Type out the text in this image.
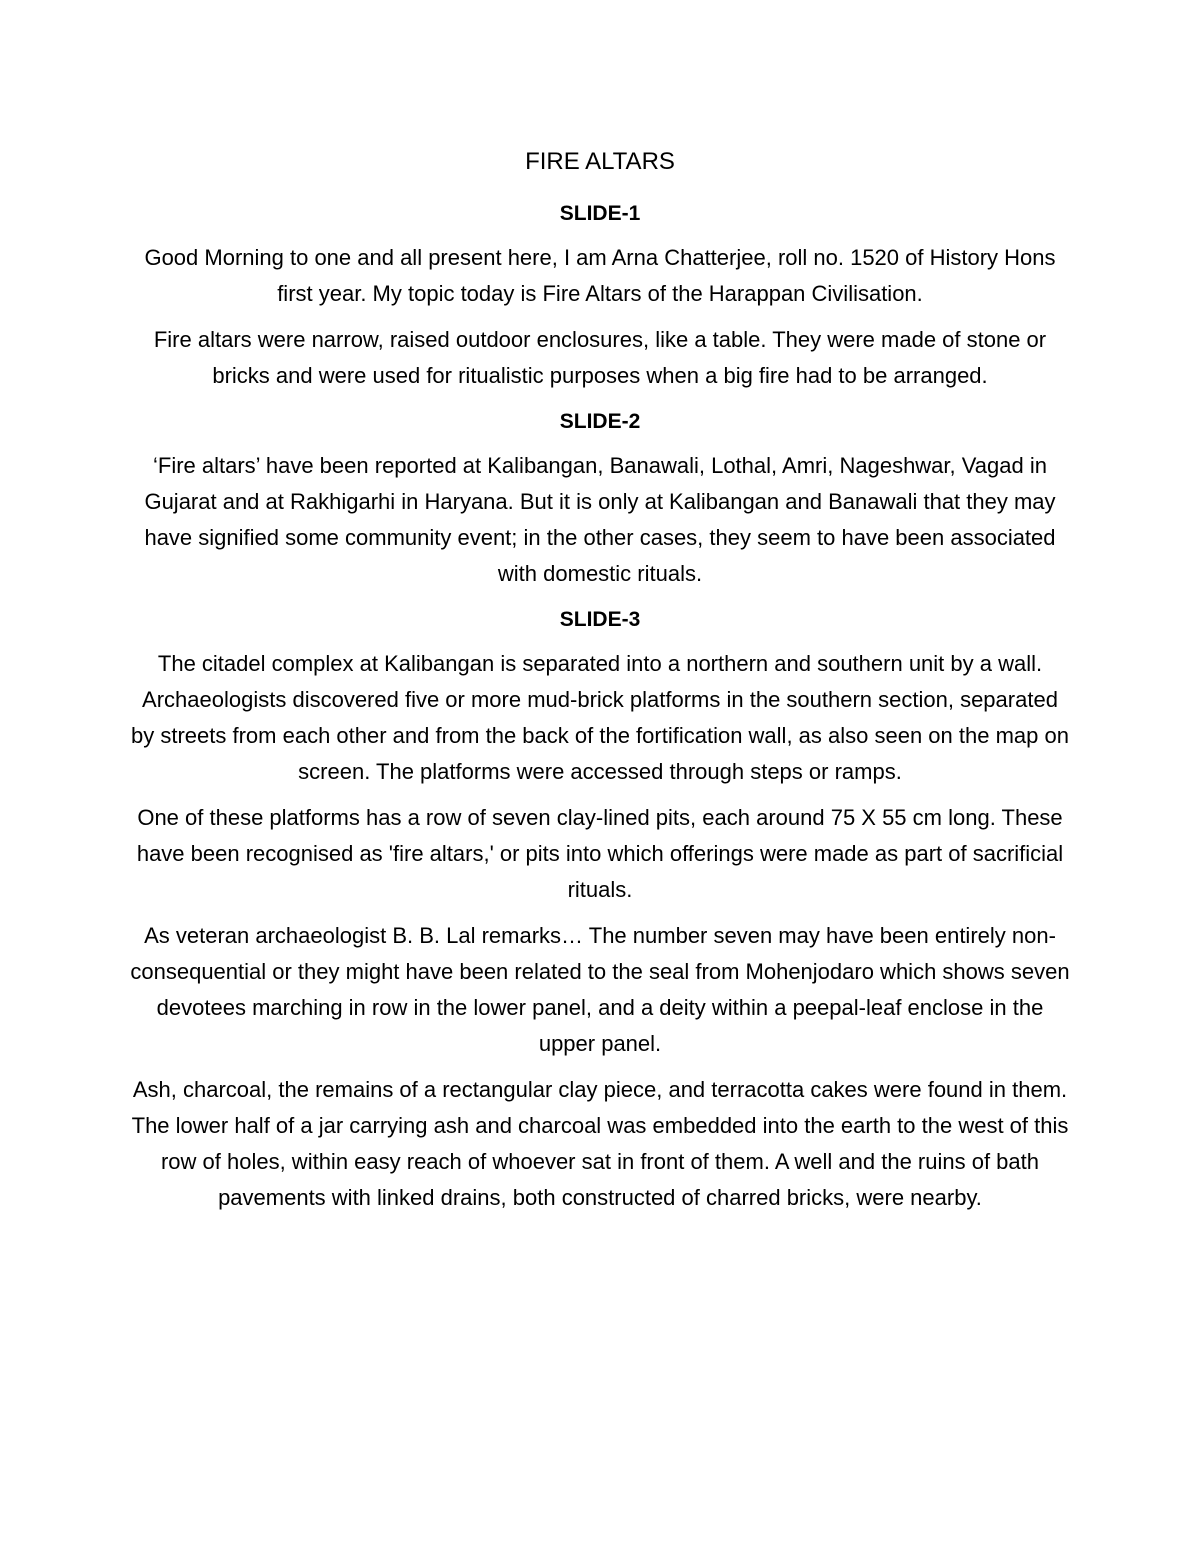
FIRE ALTARS
SLIDE-1

Good Morning to one and all present here, I am Arna Chatterjee, roll no. 1520 of History Hons first year. My topic today is Fire Altars of the Harappan Civilisation.

Fire altars were narrow, raised outdoor enclosures, like a table. They were made of stone or bricks and were used for ritualistic purposes when a big fire had to be arranged.

SLIDE-2

‘Fire altars’ have been reported at Kalibangan, Banawali, Lothal, Amri, Nageshwar, Vagad in Gujarat and at Rakhigarhi in Haryana. But it is only at Kalibangan and Banawali that they may have signified some community event; in the other cases, they seem to have been associated with domestic rituals.

SLIDE-3

The citadel complex at Kalibangan is separated into a northern and southern unit by a wall. Archaeologists discovered five or more mud-brick platforms in the southern section, separated by streets from each other and from the back of the fortification wall, as also seen on the map on screen. The platforms were accessed through steps or ramps.

One of these platforms has a row of seven clay-lined pits, each around 75 X 55 cm long. These have been recognised as 'fire altars,' or pits into which offerings were made as part of sacrificial rituals.

As veteran archaeologist B. B. Lal remarks… The number seven may have been entirely non- consequential or they might have been related to the seal from Mohenjodaro which shows seven devotees marching in row in the lower panel, and a deity within a peepal-leaf enclose in the upper panel.

Ash, charcoal, the remains of a rectangular clay piece, and terracotta cakes were found in them. The lower half of a jar carrying ash and charcoal was embedded into the earth to the west of this row of holes, within easy reach of whoever sat in front of them. A well and the ruins of bath pavements with linked drains, both constructed of charred bricks, were nearby.
